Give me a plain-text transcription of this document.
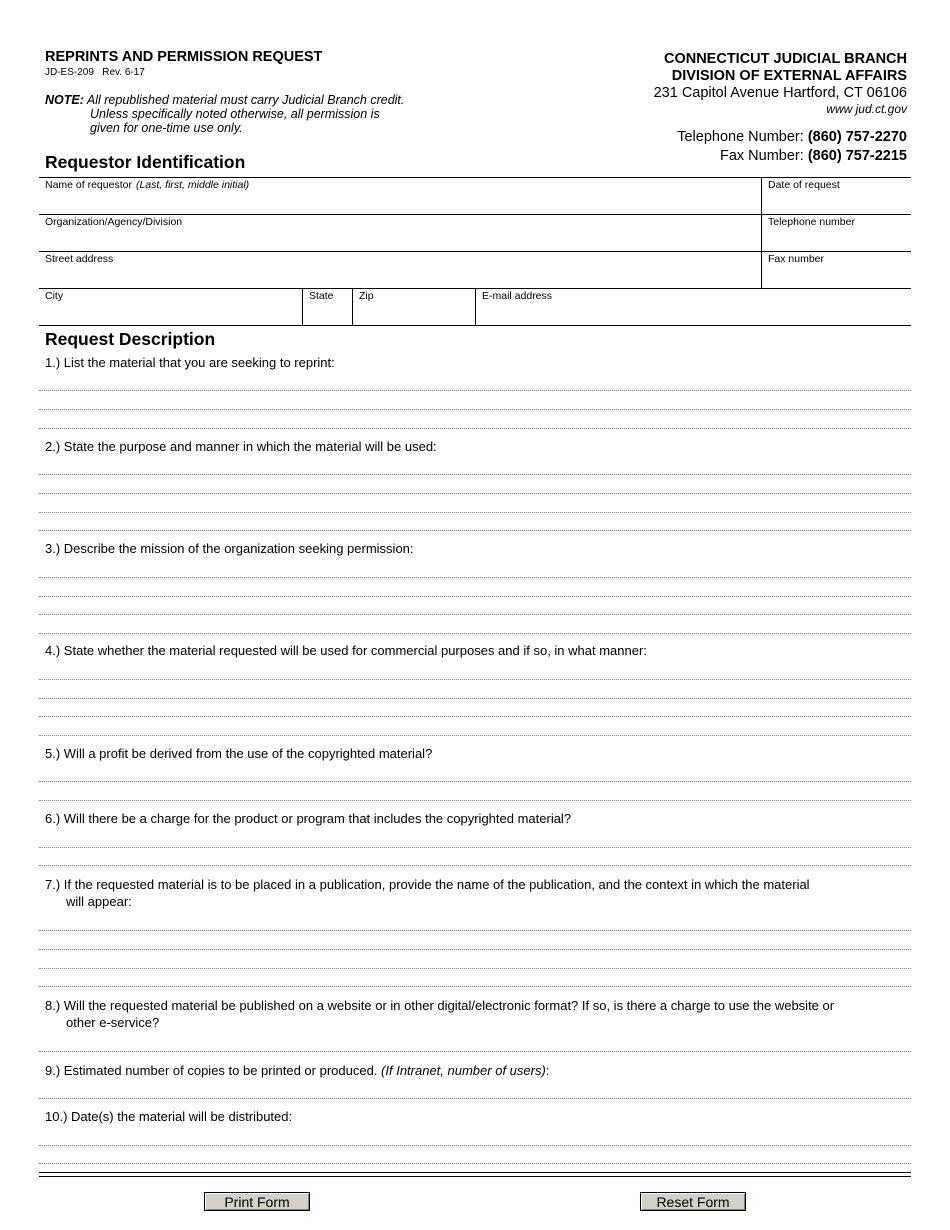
REPRINTS AND PERMISSION REQUEST
JD-ES-209   Rev. 6-17
NOTE: All republished material must carry Judicial Branch credit.
Unless specifically noted otherwise, all permission is
given for one-time use only.
CONNECTICUT JUDICIAL BRANCH
DIVISION OF EXTERNAL AFFAIRS
231 Capitol Avenue Hartford, CT 06106
www jud.ct.gov
Telephone Number: (860) 757-2270
Fax Number: (860) 757-2215
Requestor Identification
Name of requestor (Last, first, middle initial)	Date of request
Organization/Agency/Division	Telephone number
Street address	Fax number
City	State	Zip	E-mail address
Request Description
1.) List the material that you are seeking to reprint:
2.) State the purpose and manner in which the material will be used:
3.) Describe the mission of the organization seeking permission:
4.) State whether the material requested will be used for commercial purposes and if so, in what manner:
5.) Will a profit be derived from the use of the copyrighted material?
6.) Will there be a charge for the product or program that includes the copyrighted material?
7.) If the requested material is to be placed in a publication, provide the name of the publication, and the context in which the material
will appear:
8.) Will the requested material be published on a website or in other digital/electronic format? If so, is there a charge to use the website or
other e-service?
9.) Estimated number of copies to be printed or produced. (If Intranet, number of users):
10.) Date(s) the material will be distributed:
Print Form	Reset Form
